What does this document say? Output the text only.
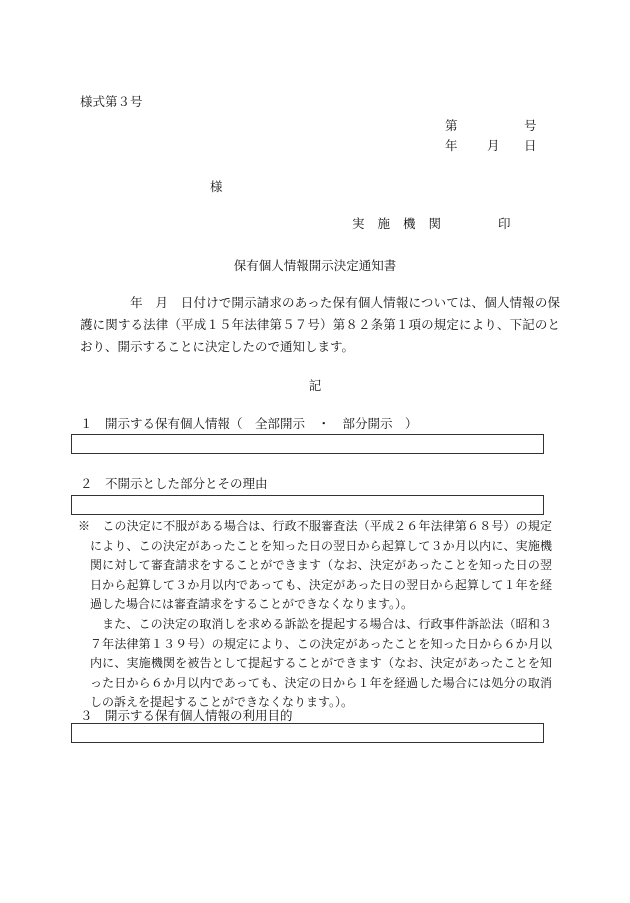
様式第３号
第	号
年 月 日
様
実施機関	印
保有個人情報開示決定通知書
年　月　日付けで開示請求のあった保有個人情報については、個人情報の保護に関する法律（平成１５年法律第５７号）第８２条第１項の規定により、下記のとおり、開示することに決定したので通知します。
記
１　開示する保有個人情報（　全部開示　・　部分開示　）
２　不開示とした部分とその理由

※　この決定に不服がある場合は、行政不服審査法（平成２６年法律第６８号）の規定により、この決定があったことを知った日の翌日から起算して３か月以内に、実施機関に対して審査請求をすることができます（なお、決定があったことを知った日の翌日から起算して３か月以内であっても、決定があった日の翌日から起算して１年を経過した場合には審査請求をすることができなくなります。）。

また、この決定の取消しを求める訴訟を提起する場合は、行政事件訴訟法（昭和３７年法律第１３９号）の規定により、この決定があったことを知った日から６か月以内に、実施機関を被告として提起することができます（なお、決定があったことを知った日から６か月以内であっても、決定の日から１年を経過した場合には処分の取消しの訴えを提起することができなくなります。）。

３　開示する保有個人情報の利用目的
